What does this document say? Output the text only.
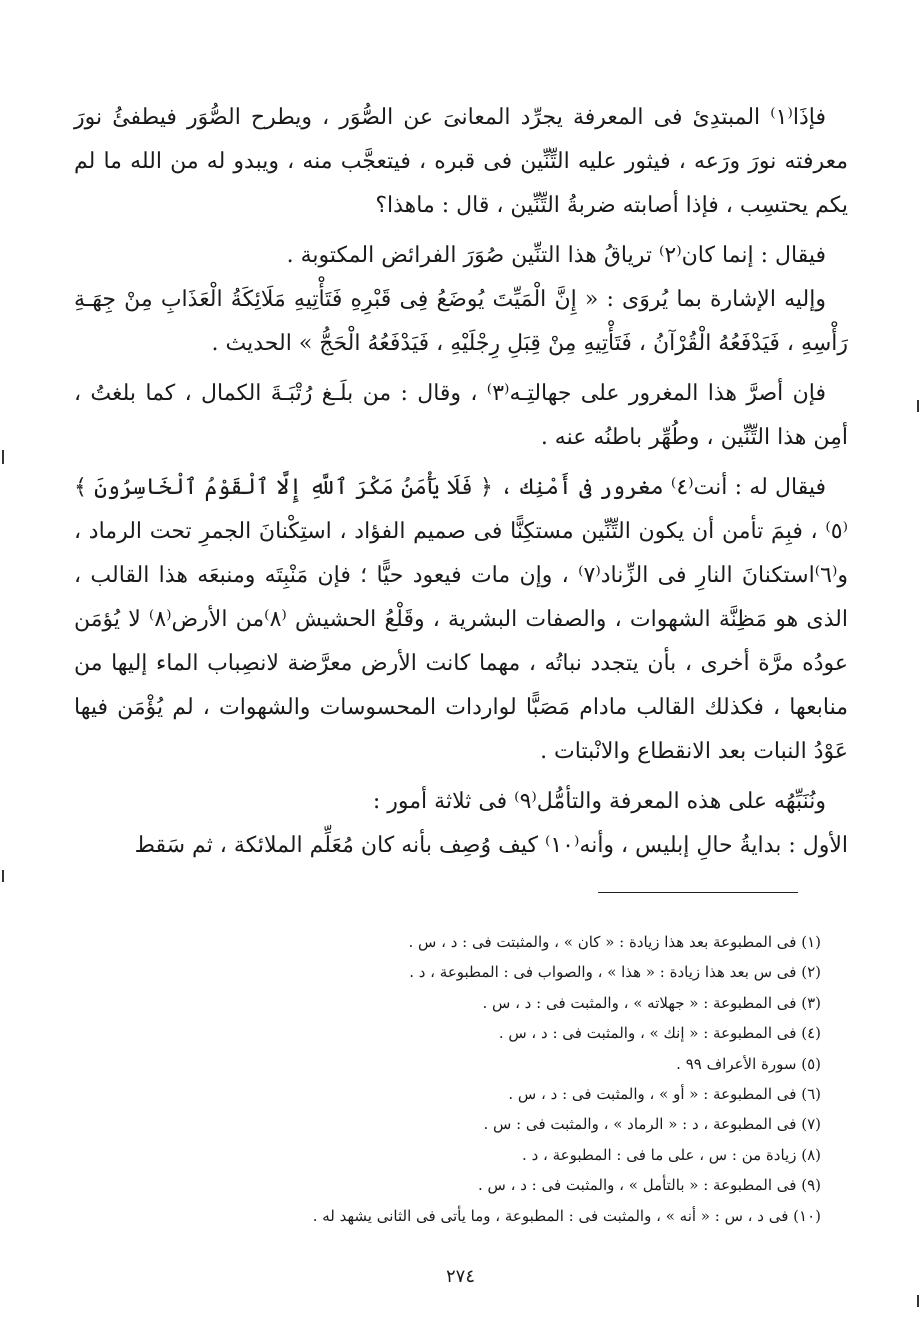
فإذَا⁽١⁾ المبتدِئ فى المعرفة يجرِّد المعانىَ عن الصُّوَر ، ويطرح الصُّوَر فيطفئُ نورَ معرفته نورَ ورَعه ، فيثور عليه التِّنِّين فى قبره ، فيتعجَّب منه ، ويبدو له من الله ما لم يكم يحتسِب ، فإذا أصابته ضربةُ التِّنِّين ، قال : ماهذا؟

فيقال : إنما كان⁽٢⁾ ترياقُ هذا التنِّين صُوَرَ الفرائض المكتوبة .

وإليه الإشارة بما يُروَى : « إِنَّ الْمَيِّتَ يُوضَعُ فِى قَبْرِهِ فَتَأْتِيهِ مَلَائِكَةُ الْعَذَابِ مِنْ جِهَـةِ رَأْسِهِ ، فَيَدْفَعُهُ الْقُرْآنُ ، فَتَأْتِيهِ مِنْ قِبَلِ رِجْلَيْهِ ، فَيَدْفَعُهُ الْحَجُّ » الحديث .

فإن أصرَّ هذا المغرور على جهالتِـه⁽٣⁾ ، وقال : من بلَـغ رُتْبَـةَ الكمال ، كما بلغتُ ، أمِن هذا التِّنِّين ، وطُهِّر باطنُه عنه .

فيقال له : أنت⁽٤⁾ مغرور فى أَمْنِك ، ﴿ فَلَا يَأْمَنُ مَكْرَ ٱللَّهِ إِلَّا ٱلْقَوْمُ ٱلْخَاسِرُونَ ﴾⁽٥⁾ ، فبِمَ تأمن أن يكون التِّنِّين مستكِنًّا فى صميم الفؤاد ، استِكْنانَ الجمرِ تحت الرماد ، و⁽٦⁾استكنانَ النارِ فى الزِّناد⁽٧⁾ ، وإن مات فيعود حيًّا ؛ فإن مَنْبِتَه ومنبعَه هذا القالب ، الذى هو مَظِنَّة الشهوات ، والصفات البشرية ، وقَلْعُ الحشيش ⁽٨⁾من الأرض⁽٨⁾ لا يُؤمَن عودُه مرَّة أخرى ، بأن يتجدد نباتُه ، مهما كانت الأرض معرَّضة لانصِباب الماء إليها من منابعها ، فكذلك القالب مادام مَصَبًّا لواردات المحسوسات والشهوات ، لم يُؤْمَن فيها عَوْدُ النبات بعد الانقطاع والانْبتات .

ونُنَبِّهُه على هذه المعرفة والتأمُّل⁽٩⁾ فى ثلاثة أمور :

الأول : بدايةُ حالِ إبليس ، وأنه⁽١٠⁾ كيف وُصِف بأنه كان مُعَلِّم الملائكة ، ثم سَقط

(١) فى المطبوعة بعد هذا زيادة : « كان » ، والمثبتت فى : د ، س .

(٢) فى س بعد هذا زيادة : « هذا » ، والصواب فى : المطبوعة ، د .

(٣) فى المطبوعة : « جهلاته » ، والمثبت فى : د ، س .

(٤) فى المطبوعة : « إنك » ، والمثبت فى : د ، س .

(٥) سورة الأعراف ٩٩ .

(٦) فى المطبوعة : « أو » ، والمثبت فى : د ، س .

(٧) فى المطبوعة ، د : « الرماد » ، والمثبت فى : س .

(٨) زيادة من : س ، على ما فى : المطبوعة ، د .

(٩) فى المطبوعة : « بالتأمل » ، والمثبت فى : د ، س .

(١٠) فى د ، س : « أنه » ، والمثبت فى : المطبوعة ، وما يأتى فى الثانى يشهد له .

٢٧٤
